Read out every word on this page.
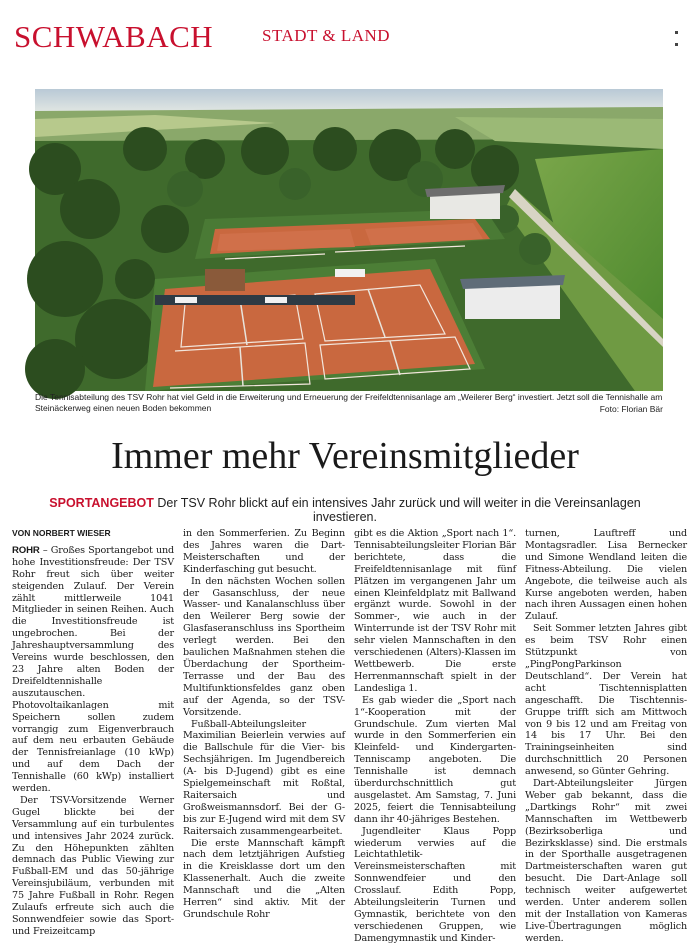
SCHWABACH	STADT & LAND
Die Tennisabteilung des TSV Rohr hat viel Geld in die Erweiterung und Erneuerung der Freifeldtennisanlage am „Weilerer Berg“ investiert. Jetzt soll die Tennishalle am Steinäckerweg einen neuen Boden bekommen	Foto: Florian Bär
Immer mehr Vereinsmitglieder
SPORTANGEBOT Der TSV Rohr blickt auf ein intensives Jahr zurück und will weiter in die Vereinsanlagen investieren.
VON NORBERT WIESER

ROHR – Großes Sportangebot und hohe Investitionsfreude: Der TSV Rohr freut sich über weiter steigenden Zulauf. Der Verein zählt mittlerweile 1041 Mitglieder in seinen Reihen. Auch die Investitionsfreude ist ungebrochen. Bei der Jahreshauptversammlung des Vereins wurde beschlossen, den 23 Jahre alten Boden der Dreifeldtennishalle auszutauschen. Photovoltaikanlagen mit Speichern sollen zudem vorrangig zum Eigenverbrauch auf dem neu erbauten Gebäude der Tennisfreianlage (10 kWp) und auf dem Dach der Tennishalle (60 kWp) installiert werden.

Der TSV-Vorsitzende Werner Gugel blickte bei der Versammlung auf ein turbulentes und intensives Jahr 2024 zurück. Zu den Höhepunkten zählten demnach das Public Viewing zur Fußball-EM und das 50-jährige Vereinsjubiläum, verbunden mit 75 Jahre Fußball in Rohr. Regen Zulaufs erfreute sich auch die Sonnwendfeier sowie das Sport- und Freizeitcamp

in den Sommerferien. Zu Beginn des Jahres waren die Dart-Meisterschaften und der Kinderfasching gut besucht.

In den nächsten Wochen sollen der Gasanschluss, der neue Wasser- und Kanalanschluss über den Weilerer Berg sowie der Glasfaseranschluss ins Sportheim verlegt werden. Bei den baulichen Maßnahmen stehen die Überdachung der Sportheim-Terrasse und der Bau des Multifunktionsfeldes ganz oben auf der Agenda, so der TSV-Vorsitzende.

Fußball-Abteilungsleiter Maximilian Beierlein verwies auf die Ballschule für die Vier- bis Sechsjährigen. Im Jugendbereich (A- bis D-Jugend) gibt es eine Spielgemeinschaft mit Roßtal, Raitersaich und Großweismannsdorf. Bei der G- bis zur E-Jugend wird mit dem SV Raitersaich zusammengearbeitet.

Die erste Mannschaft kämpft nach dem letztjährigen Aufstieg in die Kreisklasse dort um den Klassenerhalt. Auch die zweite Mannschaft und die „Alten Herren“ sind aktiv. Mit der Grundschule Rohr

gibt es die Aktion „Sport nach 1“. Tennisabteilungsleiter Florian Bär berichtete, dass die Freifeldtennisanlage mit fünf Plätzen im vergangenen Jahr um einen Kleinfeldplatz mit Ballwand ergänzt wurde. Sowohl in der Sommer-, wie auch in der Winterrunde ist der TSV Rohr mit sehr vielen Mannschaften in den verschiedenen (Alters)-Klassen im Wettbewerb. Die erste Herrenmannschaft spielt in der Landesliga 1.

Es gab wieder die „Sport nach 1“-Kooperation mit der Grundschule. Zum vierten Mal wurde in den Sommerferien ein Kleinfeld- und Kindergarten-Tenniscamp angeboten. Die Tennishalle ist demnach überdurchschnittlich gut ausgelastet. Am Samstag, 7. Juni 2025, feiert die Tennisabteilung dann ihr 40-jähriges Bestehen.

Jugendleiter Klaus Popp wiederum verwies auf die Leichtathletik-Vereinsmeisterschaften mit Sonnwendfeier und den Crosslauf. Edith Popp, Abteilungsleiterin Turnen und Gymnastik, berichtete von den verschiedenen Gruppen, wie Damengymnastik und Kinder-

turnen, Lauftreff und Montagsradler. Lisa Bernecker und Simone Wendland leiten die Fitness-Abteilung. Die vielen Angebote, die teilweise auch als Kurse angeboten werden, haben nach ihren Aussagen einen hohen Zulauf.

Seit Sommer letzten Jahres gibt es beim TSV Rohr einen Stützpunkt von „PingPongParkinson Deutschland“. Der Verein hat acht Tischtennisplatten angeschafft. Die Tischtennis-Gruppe trifft sich am Mittwoch von 9 bis 12 und am Freitag von 14 bis 17 Uhr. Bei den Trainingseinheiten sind durchschnittlich 20 Personen anwesend, so Günter Gehring.

Dart-Abteilungsleiter Jürgen Weber gab bekannt, dass die „Dartkings Rohr“ mit zwei Mannschaften im Wettbewerb (Bezirksoberliga und Bezirksklasse) sind. Die erstmals in der Sporthalle ausgetragenen Dartmeisterschaften waren gut besucht. Die Dart-Anlage soll technisch weiter aufgewertet werden. Unter anderem sollen mit der Installation von Kameras Live-Übertragungen möglich werden.
